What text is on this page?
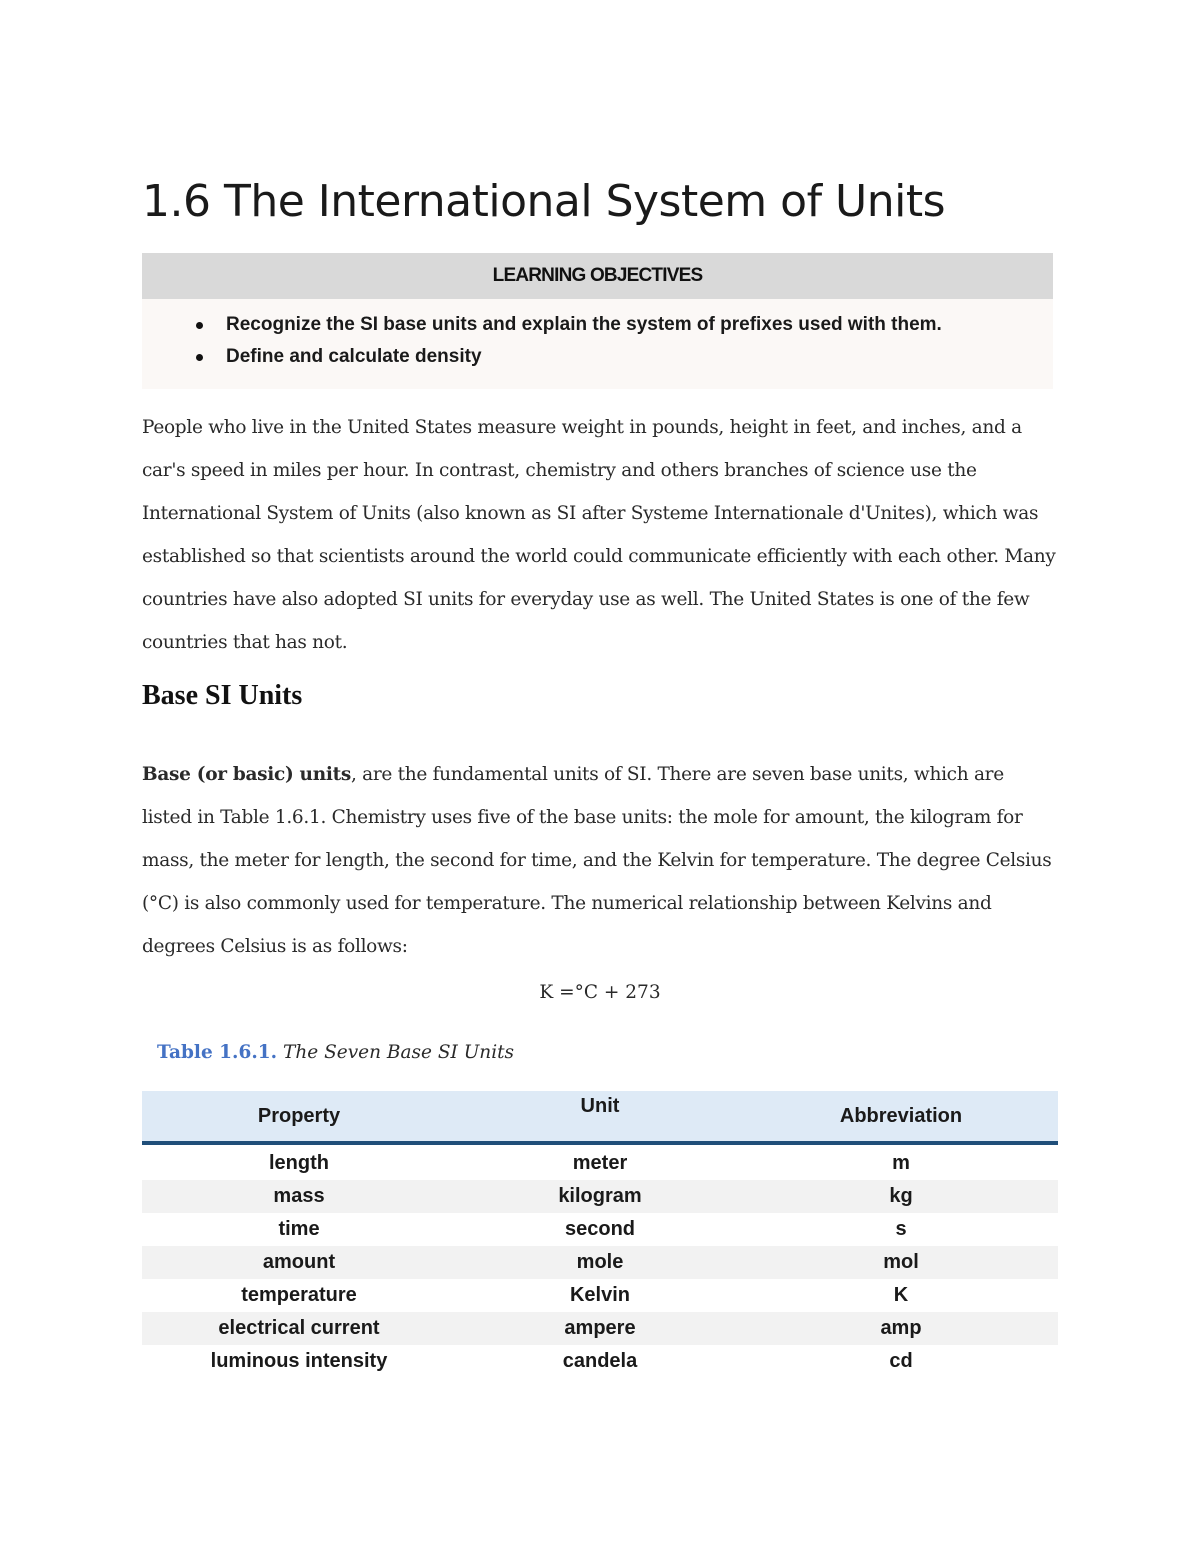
1.6 The International System of Units
LEARNING OBJECTIVES
Recognize the SI base units and explain the system of prefixes used with them.
Define and calculate density

People who live in the United States measure weight in pounds, height in feet, and inches, and a car's speed in miles per hour. In contrast, chemistry and others branches of science use the International System of Units (also known as SI after Systeme Internationale d'Unites), which was established so that scientists around the world could communicate efficiently with each other. Many countries have also adopted SI units for everyday use as well. The United States is one of the few countries that has not.

Base SI Units

Base (or basic) units, are the fundamental units of SI. There are seven base units, which are listed in Table 1.6.1. Chemistry uses five of the base units: the mole for amount, the kilogram for mass, the meter for length, the second for time, and the Kelvin for temperature. The degree Celsius (°C) is also commonly used for temperature. The numerical relationship between Kelvins and degrees Celsius is as follows:

K =°C + 273

Table 1.6.1. The Seven Base SI Units

Property	Unit	Abbreviation
length	meter	m
mass	kilogram	kg
time	second	s
amount	mole	mol
temperature	Kelvin	K
electrical current	ampere	amp
luminous intensity	candela	cd
